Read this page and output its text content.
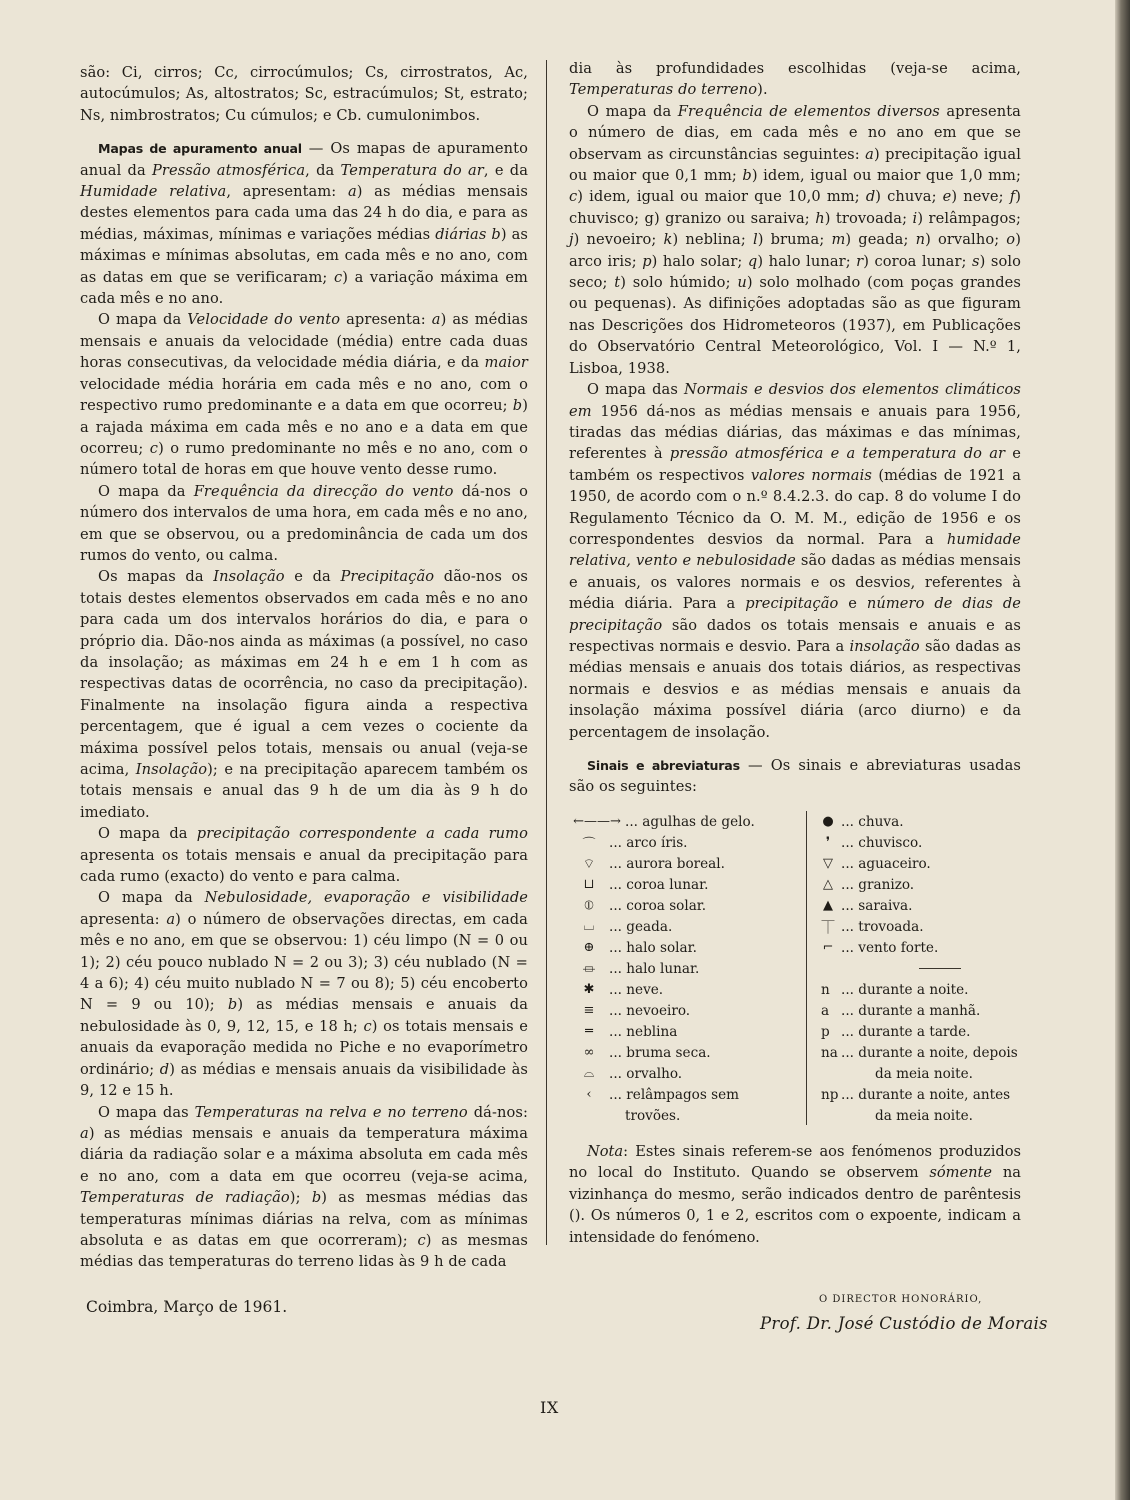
são: Ci, cirros; Cc, cirrocúmulos; Cs, cirrostratos, Ac, autocúmulos; As, altostratos; Sc, estracúmulos; St, estrato; Ns, nimbrostratos; Cu cúmulos; e Cb. cumulonimbos.

Mapas de apuramento anual — Os mapas de apuramento anual da Pressão atmosférica, da Temperatura do ar, e da Humidade relativa, apresentam: a) as médias mensais destes elementos para cada uma das 24 h do dia, e para as médias, máximas, mínimas e variações médias diárias b) as máximas e mínimas absolutas, em cada mês e no ano, com as datas em que se verificaram; c) a variação máxima em cada mês e no ano.

O mapa da Velocidade do vento apresenta: a) as médias mensais e anuais da velocidade (média) entre cada duas horas consecutivas, da velocidade média diária, e da maior velocidade média horária em cada mês e no ano, com o respectivo rumo predominante e a data em que ocorreu; b) a rajada máxima em cada mês e no ano e a data em que ocorreu; c) o rumo predominante no mês e no ano, com o número total de horas em que houve vento desse rumo.

O mapa da Frequência da direcção do vento dá-nos o número dos intervalos de uma hora, em cada mês e no ano, em que se observou, ou a predominância de cada um dos rumos do vento, ou calma.

Os mapas da Insolação e da Precipitação dão-nos os totais destes elementos observados em cada mês e no ano para cada um dos intervalos horários do dia, e para o próprio dia. Dão-nos ainda as máximas (a possível, no caso da insolação; as máximas em 24 h e em 1 h com as respectivas datas de ocorrência, no caso da precipitação). Finalmente na insolação figura ainda a respectiva percentagem, que é igual a cem vezes o cociente da máxima possível pelos totais, mensais ou anual (veja-se acima, Insolação); e na precipitação aparecem também os totais mensais e anual das 9 h de um dia às 9 h do imediato.

O mapa da precipitação correspondente a cada rumo apresenta os totais mensais e anual da precipitação para cada rumo (exacto) do vento e para calma.

O mapa da Nebulosidade, evaporação e visibilidade apresenta: a) o número de observações directas, em cada mês e no ano, em que se observou: 1) céu limpo (N = 0 ou 1); 2) céu pouco nublado N = 2 ou 3); 3) céu nublado (N = 4 a 6); 4) céu muito nublado N = 7 ou 8); 5) céu encoberto N = 9 ou 10); b) as médias mensais e anuais da nebulosidade às 0, 9, 12, 15, e 18 h; c) os totais mensais e anuais da evaporação medida no Piche e no evaporímetro ordinário; d) as médias e mensais anuais da visibilidade às 9, 12 e 15 h.

O mapa das Temperaturas na relva e no terreno dá-nos: a) as médias mensais e anuais da temperatura máxima diária da radiação solar e a máxima absoluta em cada mês e no ano, com a data em que ocorreu (veja-se acima, Temperaturas de radiação); b) as mesmas médias das temperaturas mínimas diárias na relva, com as mínimas absoluta e as datas em que ocorreram); c) as mesmas médias das temperaturas do terreno lidas às 9 h de cada

dia às profundidades escolhidas (veja-se acima, Temperaturas do terreno).

O mapa da Frequência de elementos diversos apresenta o número de dias, em cada mês e no ano em que se observam as circunstâncias seguintes: a) precipitação igual ou maior que 0,1 mm; b) idem, igual ou maior que 1,0 mm; c) idem, igual ou maior que 10,0 mm; d) chuva; e) neve; f) chuvisco; g) granizo ou saraiva; h) trovoada; i) relâmpagos; j) nevoeiro; k) neblina; l) bruma; m) geada; n) orvalho; o) arco iris; p) halo solar; q) halo lunar; r) coroa lunar; s) solo seco; t) solo húmido; u) solo molhado (com poças grandes ou pequenas). As difinições adoptadas são as que figuram nas Descrições dos Hidrometeoros (1937), em Publicações do Observatório Central Meteorológico, Vol. I — N.º 1, Lisboa, 1938.

O mapa das Normais e desvios dos elementos climáticos em 1956 dá-nos as médias mensais e anuais para 1956, tiradas das médias diárias, das máximas e das mínimas, referentes à pressão atmosférica e a temperatura do ar e também os respectivos valores normais (médias de 1921 a 1950, de acordo com o n.º 8.4.2.3. do cap. 8 do volume I do Regulamento Técnico da O. M. M., edição de 1956 e os correspondentes desvios da normal. Para a humidade relativa, vento e nebulosidade são dadas as médias mensais e anuais, os valores normais e os desvios, referentes à média diária. Para a precipitação e número de dias de precipitação são dados os totais mensais e anuais e as respectivas normais e desvio. Para a insolação são dadas as médias mensais e anuais dos totais diários, as respectivas normais e desvios e as médias mensais e anuais da insolação máxima possível diária (arco diurno) e da percentagem de insolação.

Sinais e abreviaturas — Os sinais e abreviaturas usadas são os seguintes:

←——→ ... agulhas de gelo.
⌒ ... arco íris.
⌔	... aurora boreal.
⊔	... coroa lunar.
⦶	... coroa solar.
⌴	... geada.
⊕	... halo solar.
⏛ ... halo lunar.
✱	... neve.
≡	... nevoeiro.
═	... neblina
∞	... bruma seca.
⌓	... orvalho.
‹	... relâmpagos sem
trovões.
● ... chuva.
❜ ... chuvisco.
▽ ... aguaceiro.
△ ... granizo.
▲ ... saraiva.
⏉ ... trovoada.
⌐ ... vento forte.
n ... durante a noite.
a ... durante a manhã.
p ... durante a tarde.
na ... durante a noite, depois
da meia noite.
np ... durante a noite, antes
da meia noite.

Nota: Estes sinais referem-se aos fenómenos produzidos no local do Instituto. Quando se observem sómente na vizinhança do mesmo, serão indicados dentro de parêntesis (). Os números 0, 1 e 2, escritos com o expoente, indicam a intensidade do fenómeno.

Coimbra, Março de 1961.	O DIRECTOR HONORÁRIO,
Prof. Dr. José Custódio de Morais
IX
